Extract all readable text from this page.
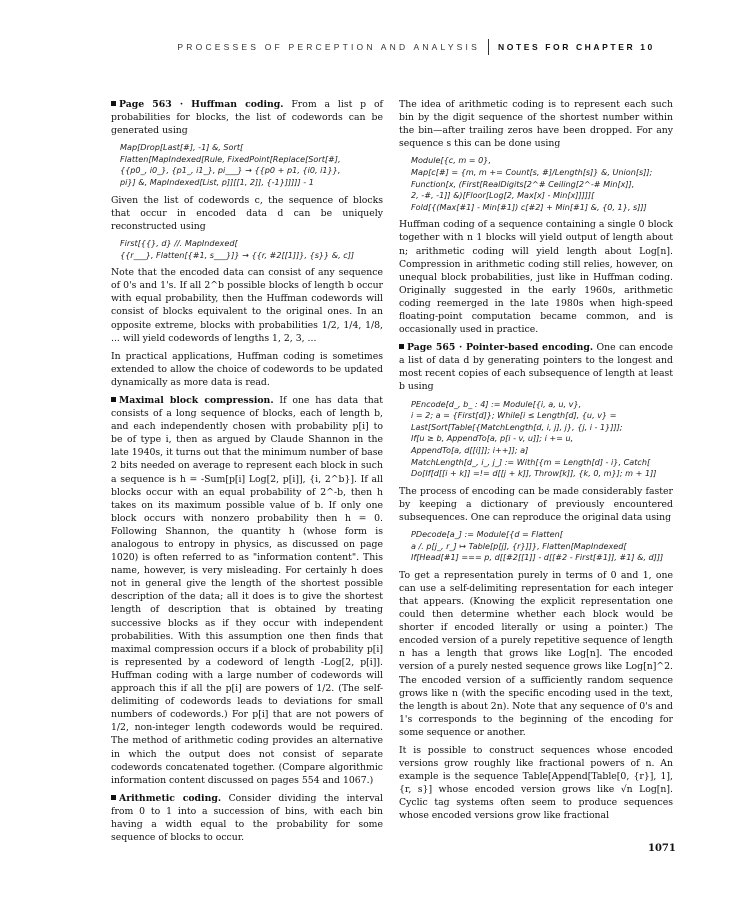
PROCESSES OF PERCEPTION AND ANALYSIS NOTES FOR CHAPTER 10

Page 563 · Huffman coding. From a list p of probabilities for blocks, the list of codewords can be generated using

Map[Drop[Last[#], -1] &, Sort[
Flatten[MapIndexed[Rule, FixedPoint[Replace[Sort[#],
{{p0_, i0_}, {p1_, i1_}, pi___} → {{p0 + p1, {i0, i1}},
pi}] &, MapIndexed[List, p]][[1, 2]], {-1}]]]]] - 1

Given the list of codewords c, the sequence of blocks that occur in encoded data d can be uniquely reconstructed using

First[{{}, d} //. MapIndexed[
{{r___}, Flatten[{#1, s___}]} → {{r, #2[[1]]}, {s}} &, c]]

Note that the encoded data can consist of any sequence of 0's and 1's. If all 2^b possible blocks of length b occur with equal probability, then the Huffman codewords will consist of blocks equivalent to the original ones. In an opposite extreme, blocks with probabilities 1/2, 1/4, 1/8, ... will yield codewords of lengths 1, 2, 3, ...

In practical applications, Huffman coding is sometimes extended to allow the choice of codewords to be updated dynamically as more data is read.

Maximal block compression. If one has data that consists of a long sequence of blocks, each of length b, and each independently chosen with probability p[i] to be of type i, then as argued by Claude Shannon in the late 1940s, it turns out that the minimum number of base 2 bits needed on average to represent each block in such a sequence is h = -Sum[p[i] Log[2, p[i]], {i, 2^b}]. If all blocks occur with an equal probability of 2^-b, then h takes on its maximum possible value of b. If only one block occurs with nonzero probability then h = 0. Following Shannon, the quantity h (whose form is analogous to entropy in physics, as discussed on page 1020) is often referred to as "information content". This name, however, is very misleading. For certainly h does not in general give the length of the shortest possible description of the data; all it does is to give the shortest length of description that is obtained by treating successive blocks as if they occur with independent probabilities. With this assumption one then finds that maximal compression occurs if a block of probability p[i] is represented by a codeword of length -Log[2, p[i]]. Huffman coding with a large number of codewords will approach this if all the p[i] are powers of 1/2. (The self-delimiting of codewords leads to deviations for small numbers of codewords.) For p[i] that are not powers of 1/2, non-integer length codewords would be required. The method of arithmetic coding provides an alternative in which the output does not consist of separate codewords concatenated together. (Compare algorithmic information content discussed on pages 554 and 1067.)

Arithmetic coding. Consider dividing the interval from 0 to 1 into a succession of bins, with each bin having a width equal to the probability for some sequence of blocks to occur.

The idea of arithmetic coding is to represent each such bin by the digit sequence of the shortest number within the bin—after trailing zeros have been dropped. For any sequence s this can be done using

Module[{c, m = 0},
Map[c[#] = {m, m += Count[s, #]/Length[s]} &, Union[s]];
Function[x, (First[RealDigits[2^# Ceiling[2^-# Min[x]],
2, -#, -1]] &)[Floor[Log[2, Max[x] - Min[x]]]]][
Fold[{(Max[#1] - Min[#1]) c[#2] + Min[#1] &, {0, 1}, s]]]

Huffman coding of a sequence containing a single 0 block together with n 1 blocks will yield output of length about n; arithmetic coding will yield length about Log[n]. Compression in arithmetic coding still relies, however, on unequal block probabilities, just like in Huffman coding. Originally suggested in the early 1960s, arithmetic coding reemerged in the late 1980s when high-speed floating-point computation became common, and is occasionally used in practice.

Page 565 · Pointer-based encoding. One can encode a list of data d by generating pointers to the longest and most recent copies of each subsequence of length at least b using

PEncode[d_, b_ : 4] := Module[{i, a, u, v},
i = 2; a = {First[d]}; While[i ≤ Length[d], {u, v} =
Last[Sort[Table[{MatchLength[d, i, j], j}, {j, i - 1}]]];
If[u ≥ b, AppendTo[a, p[i - v, u]]; i += u,
AppendTo[a, d[[i]]]; i++]]; a]
MatchLength[d_, i_, j_] := With[{m = Length[d] - i}, Catch[
Do[If[d[[i + k]] =!= d[[j + k]], Throw[k]], {k, 0, m}]; m + 1]]

The process of encoding can be made considerably faster by keeping a dictionary of previously encountered subsequences. One can reproduce the original data using

PDecode[a_] := Module[{d = Flatten[
a /. p[j_, r_] ↦ Table[p[j], {r}]]}, Flatten[MapIndexed[
If[Head[#1] === p, d[[#2[[1]] - d[[#2 - First[#1]], #1] &, d]]]

To get a representation purely in terms of 0 and 1, one can use a self-delimiting representation for each integer that appears. (Knowing the explicit representation one could then determine whether each block would be shorter if encoded literally or using a pointer.) The encoded version of a purely repetitive sequence of length n has a length that grows like Log[n]. The encoded version of a purely nested sequence grows like Log[n]^2. The encoded version of a sufficiently random sequence grows like n (with the specific encoding used in the text, the length is about 2n). Note that any sequence of 0's and 1's corresponds to the beginning of the encoding for some sequence or another.

It is possible to construct sequences whose encoded versions grow roughly like fractional powers of n. An example is the sequence Table[Append[Table[0, {r}], 1], {r, s}] whose encoded version grows like √n Log[n]. Cyclic tag systems often seem to produce sequences whose encoded versions grow like fractional

1071
